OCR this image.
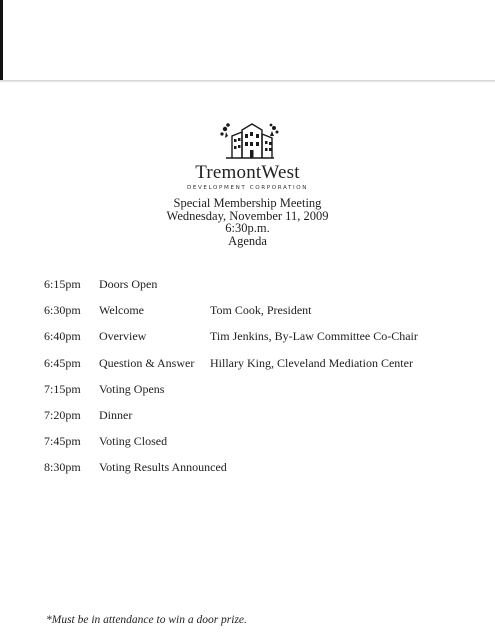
TremontWest
DEVELOPMENT CORPORATION
Special Membership Meeting
Wednesday, November 11, 2009
6:30p.m.
Agenda
6:15pm Doors Open
6:30pm Welcome	Tom Cook, President
6:40pm Overview	Tim Jenkins, By-Law Committee Co-Chair
6:45pm Question & Answer Hillary King, Cleveland Mediation Center
7:15pm Voting Opens
7:20pm Dinner
7:45pm Voting Closed
8:30pm Voting Results Announced
*Must be in attendance to win a door prize.
